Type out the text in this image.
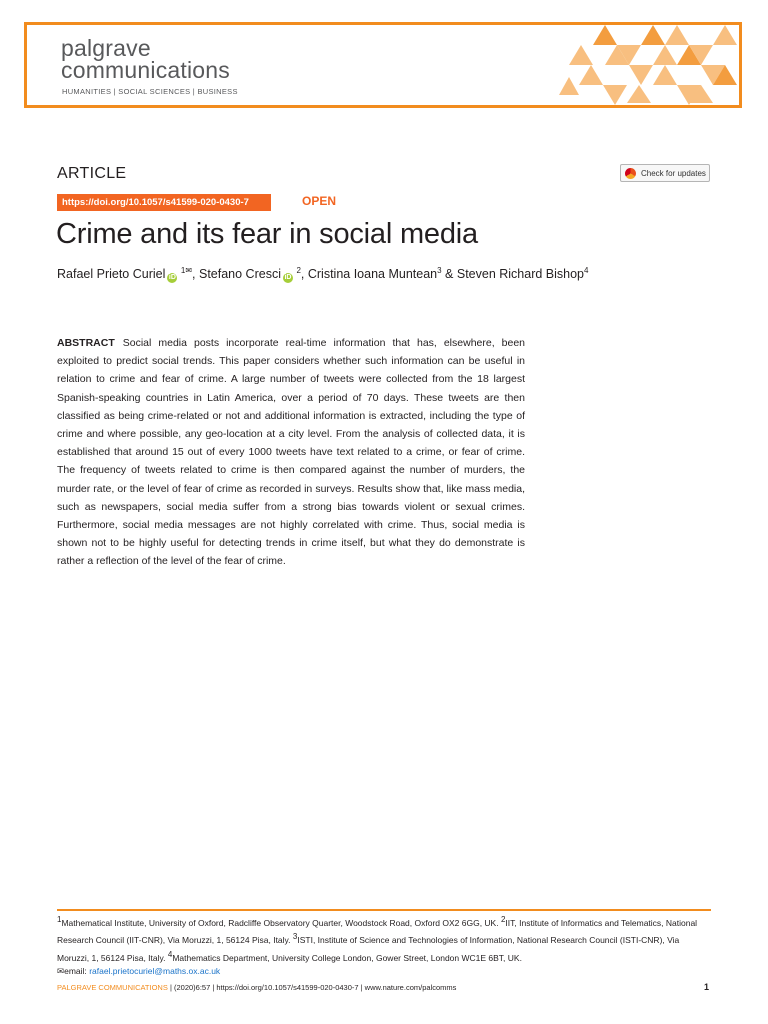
palgrave
communications
HUMANITIES | SOCIAL SCIENCES | BUSINESS
ARTICLE	Check for updates
https://doi.org/10.1057/s41599-020-0430-7	OPEN
Crime and its fear in social media
Rafael Prieto Curiel iD $^{1✉}$, Stefano Cresci iD $^2$, Cristina Ioana Muntean$^3$ & Steven Richard Bishop$^4$

ABSTRACT Social media posts incorporate real-time information that has, elsewhere, been exploited to predict social trends. This paper considers whether such information can be useful in relation to crime and fear of crime. A large number of tweets were collected from the 18 largest Spanish-speaking countries in Latin America, over a period of 70 days. These tweets are then classified as being crime-related or not and additional information is extracted, including the type of crime and where possible, any geo-location at a city level. From the analysis of collected data, it is established that around 15 out of every 1000 tweets have text related to a crime, or fear of crime. The frequency of tweets related to crime is then compared against the number of murders, the murder rate, or the level of fear of crime as recorded in surveys. Results show that, like mass media, such as newspapers, social media suffer from a strong bias towards violent or sexual crimes. Furthermore, social media messages are not highly correlated with crime. Thus, social media is shown not to be highly useful for detecting trends in crime itself, but what they do demonstrate is rather a reflection of the level of the fear of crime.

$^1$Mathematical Institute, University of Oxford, Radcliffe Observatory Quarter, Woodstock Road, Oxford OX2 6GG, UK. $^2$IIT, Institute of Informatics and Telematics, National Research Council (IIT-CNR), Via Moruzzi, 1, 56124 Pisa, Italy. $^3$ISTI, Institute of Science and Technologies of Information, National Research Council (ISTI-CNR), Via Moruzzi, 1, 56124 Pisa, Italy. $^4$Mathematics Department, University College London, Gower Street, London WC1E 6BT, UK.
✉email: rafael.prietocuriel@maths.ox.ac.uk

PALGRAVE COMMUNICATIONS | (2020)6:57 | https://doi.org/10.1057/s41599-020-0430-7 | www.nature.com/palcomms	1
